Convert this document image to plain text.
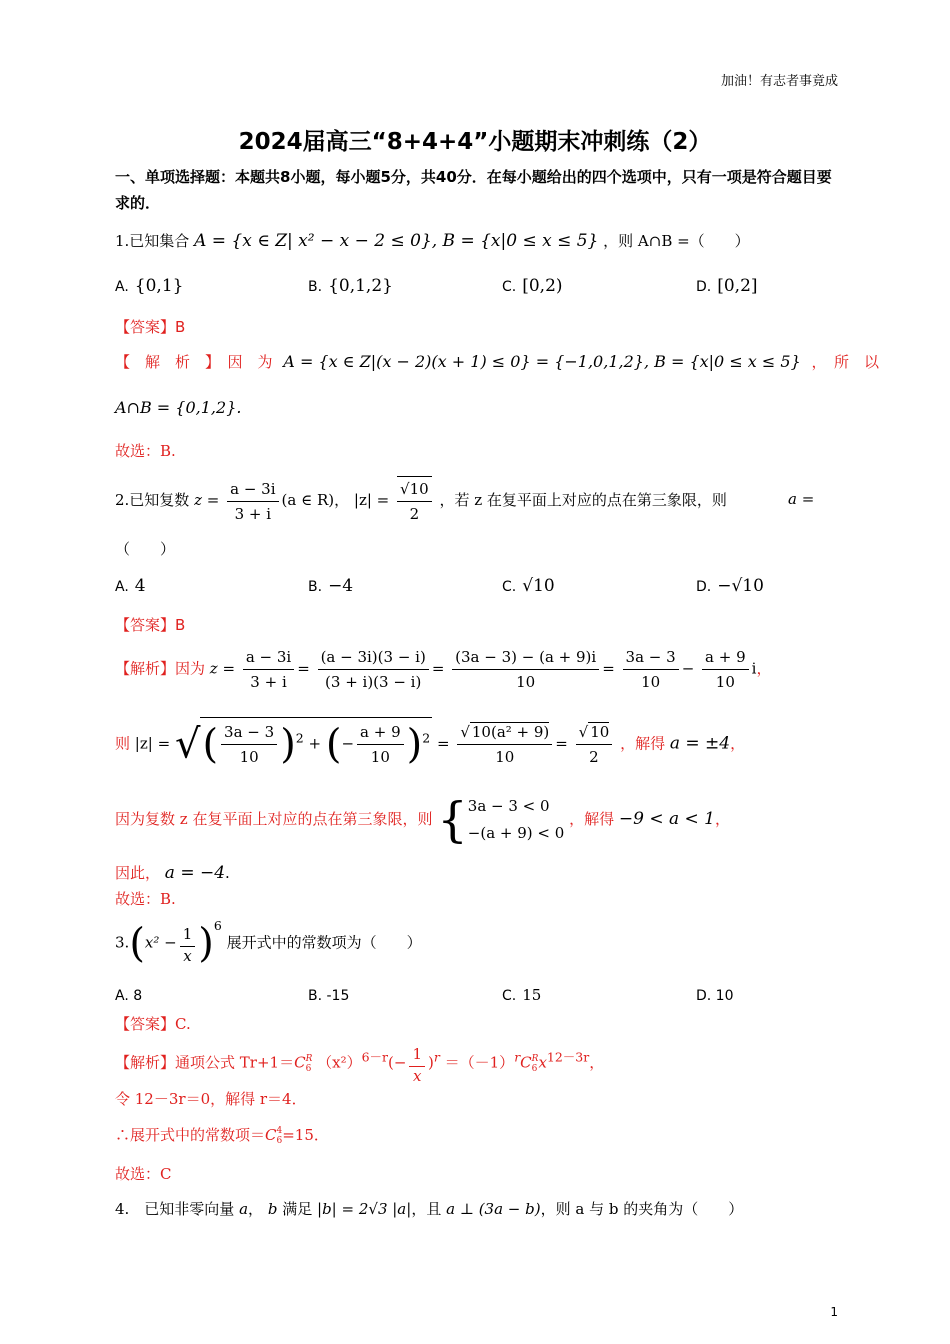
加油！有志者事竟成
2024届高三“8+4+4”小题期末冲刺练（2）
一、单项选择题：本题共8小题，每小题5分，共40分．在每小题给出的四个选项中，只有一项是符合题目要求的．
1.已知集合 A = {x ∈ Z| x² − x − 2 ≤ 0}, B = {x|0 ≤ x ≤ 5} ，则 A∩B =（　　）
A. {0,1}	B. {0,1,2}	C. [0,2)	D. [0,2]
【答案】B
【　解　析　】　因　为 A = {x ∈ Z|(x − 2)(x + 1) ≤ 0} = {−1,0,1,2}, B = {x|0 ≤ x ≤ 5} ，　所　以
A∩B = {0,1,2}.
故选：B.
2.已知复数 $z = \frac{a - 3i}{3 + i} (a$ ∈ R)， $|z| = \frac{√10}{2}$ ，若 z 在复平面上对应的点在第三象限，则	a =
（　　）
A. 4	B. −4	C. √10	D. −√10
【答案】B
【解析】因为 $z = \frac{a - 3i}{3 + i} = \frac{(a - 3i)(3 - i)}{(3 + i)(3 - i)} = \frac{(3a - 3) - (a + 9)i}{10} = \frac{3a - 3}{10} - \frac{a + 9}{10}$ i，
则 |z| = √( $\frac{3a - 3}{10} )^2$ + (− $\frac{a + 9}{10} )^2 = \frac{\text{√ 10(a² + 9)}}{10} = \frac{√ 10}{2}$ ，解得 a = ±4，
因为复数 z 在复平面上对应的点在第三象限，则 { 3a − 3 < 0
−(a + 9) < 0
，解得 −9 < a < 1，
因此， a = −4.
故选：B.
$3.(x^2 - \frac{1}{x} )^6$ 展开式中的常数项为（　　）
A. 8	B. -15	C. 15	D. 10
【答案】C.
【解析】通项公式 Tr+1＝C R
6 $(x^2)^{6-r}(- \frac{1}{x} )^r =(-1)^rC$ R
6 $x^{12-3r}$，
令 12－3r＝0，解得 r＝4．
∴展开式中的常数项＝C 4
6 =15．
故选：C
4.　已知非零向量 a， b 满足 |b| = 2√3 |a|，且 a ⊥ (3a − b)，则 a 与 b 的夹角为（　　）
1
